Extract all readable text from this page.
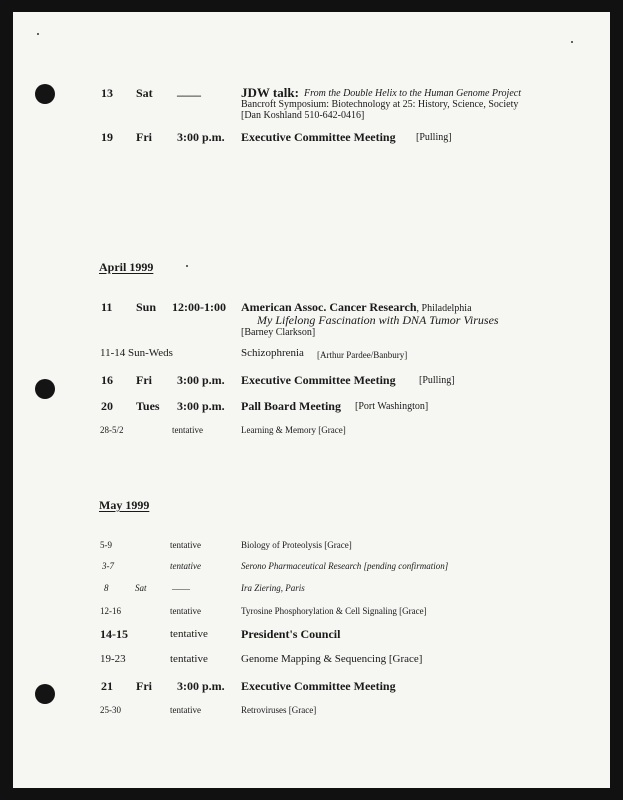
13 Sat ____	JDW talk: From the Double Helix to the Human Genome Project
Bancroft Symposium: Biotechnology at 25: History, Science, Society
[Dan Koshland 510-642-0416]
19 Fri 3:00 p.m. Executive Committee Meeting [Pulling]
April 1999
11 Sun 12:00-1:00 American Assoc. Cancer Research, Philadelphia
My Lifelong Fascination with DNA Tumor Viruses
[Barney Clarkson]
11-14 Sun-Weds	Schizophrenia [Arthur Pardee/Banbury]
16 Fri 3:00 p.m. Executive Committee Meeting [Pulling]
20 Tues 3:00 p.m. Pall Board Meeting [Port Washington]
28-5/2	tentative	Learning & Memory [Grace]
May 1999
5-9	tentative	Biology of Proteolysis [Grace]
3-7	tentative	Serono Pharmaceutical Research [pending confirmation]
8	Sat	____	Ira Ziering, Paris
12-16	tentative	Tyrosine Phosphorylation & Cell Signaling [Grace]
14-15	tentative	President's Council
19-23	tentative	Genome Mapping & Sequencing [Grace]
21 Fri 3:00 p.m. Executive Committee Meeting
25-30	tentative	Retroviruses [Grace]
